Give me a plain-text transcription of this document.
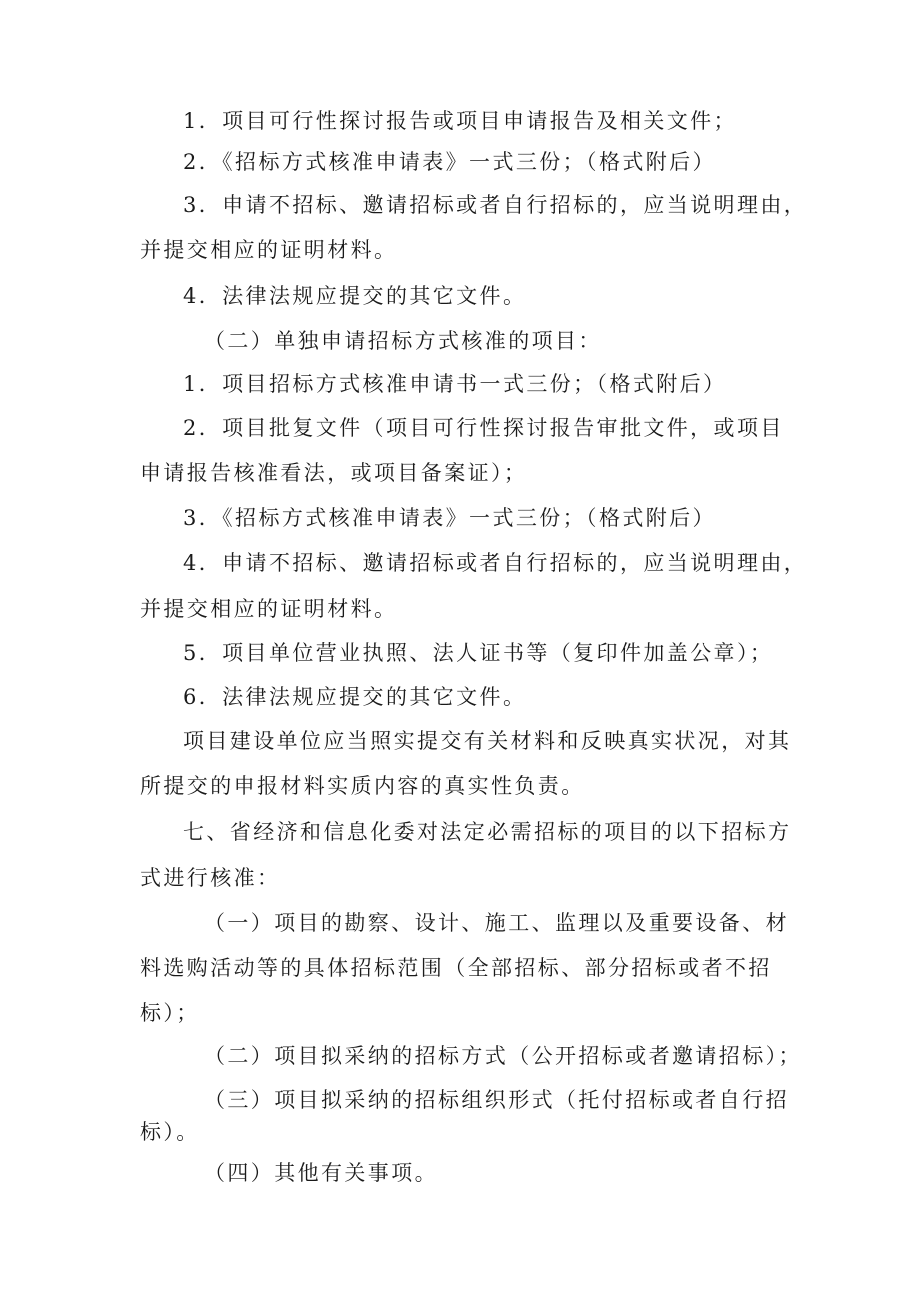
1．项目可行性探讨报告或项目申请报告及相关文件；
2．《招标方式核准申请表》一式三份；（格式附后）
3．申请不招标、邀请招标或者自行招标的，应当说明理由，
并提交相应的证明材料。
4．法律法规应提交的其它文件。
（二）单独申请招标方式核准的项目：
1．项目招标方式核准申请书一式三份；（格式附后）
2．项目批复文件（项目可行性探讨报告审批文件，或项目
申请报告核准看法，或项目备案证）；
3．《招标方式核准申请表》一式三份；（格式附后）
4．申请不招标、邀请招标或者自行招标的，应当说明理由，
并提交相应的证明材料。
5．项目单位营业执照、法人证书等（复印件加盖公章）；
6．法律法规应提交的其它文件。
项目建设单位应当照实提交有关材料和反映真实状况，对其
所提交的申报材料实质内容的真实性负责。
七、省经济和信息化委对法定必需招标的项目的以下招标方
式进行核准：
（一）项目的勘察、设计、施工、监理以及重要设备、材
料选购活动等的具体招标范围（全部招标、部分招标或者不招
标）；
（二）项目拟采纳的招标方式（公开招标或者邀请招标）；
（三）项目拟采纳的招标组织形式（托付招标或者自行招
标）。
（四）其他有关事项。
